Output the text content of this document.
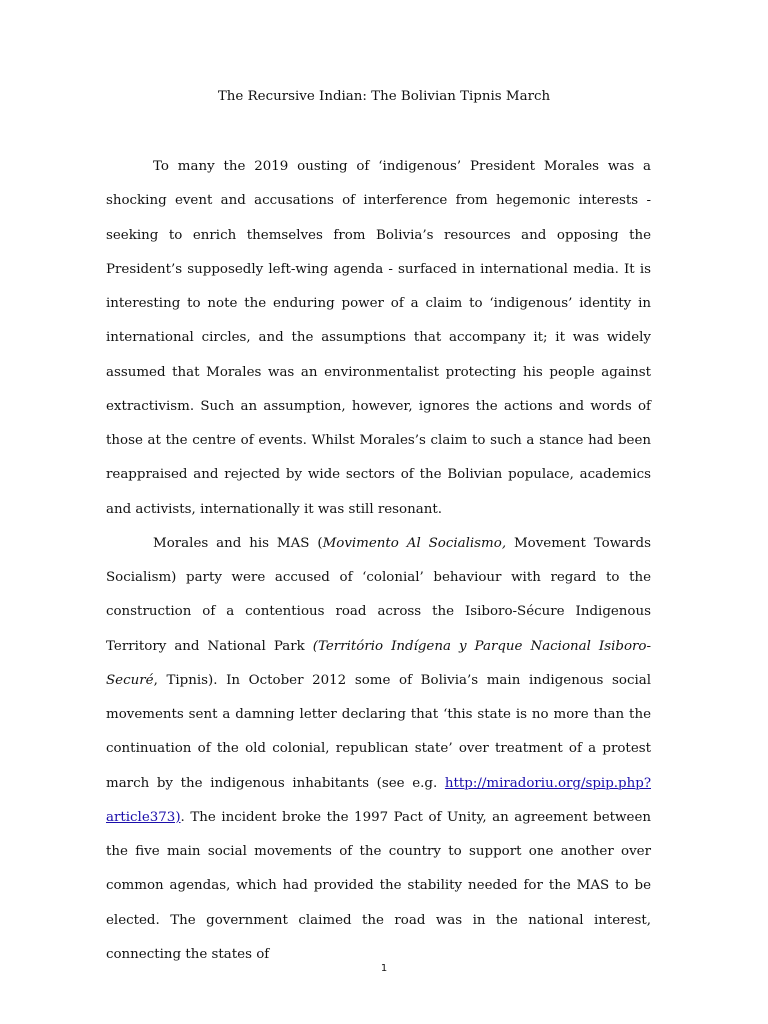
The Recursive Indian: The Bolivian Tipnis March

To many the 2019 ousting of ‘indigenous’ President Morales was a shocking event and accusations of interference from hegemonic interests - seeking to enrich themselves from Bolivia’s resources and opposing the President’s supposedly left-wing agenda - surfaced in international media. It is interesting to note the enduring power of a claim to ‘indigenous’ identity in international circles, and the assumptions that accompany it; it was widely assumed that Morales was an environmentalist protecting his people against extractivism. Such an assumption, however, ignores the actions and words of those at the centre of events. Whilst Morales’s claim to such a stance had been reappraised and rejected by wide sectors of the Bolivian populace, academics and activists, internationally it was still resonant.

Morales and his MAS (Movimento Al Socialismo, Movement Towards Socialism) party were accused of ‘colonial’ behaviour with regard to the construction of a contentious road across the Isiboro-Sécure Indigenous Territory and National Park (Território Indígena y Parque Nacional Isiboro-Securé, Tipnis). In October 2012 some of Bolivia’s main indigenous social movements sent a damning letter declaring that ‘this state is no more than the continuation of the old colonial, republican state’ over treatment of a protest march by the indigenous inhabitants (see e.g. http://miradoriu.org/spip.php?article373). The incident broke the 1997 Pact of Unity, an agreement between the five main social movements of the country to support one another over common agendas, which had provided the stability needed for the MAS to be elected. The government claimed the road was in the national interest, connecting the states of

1
